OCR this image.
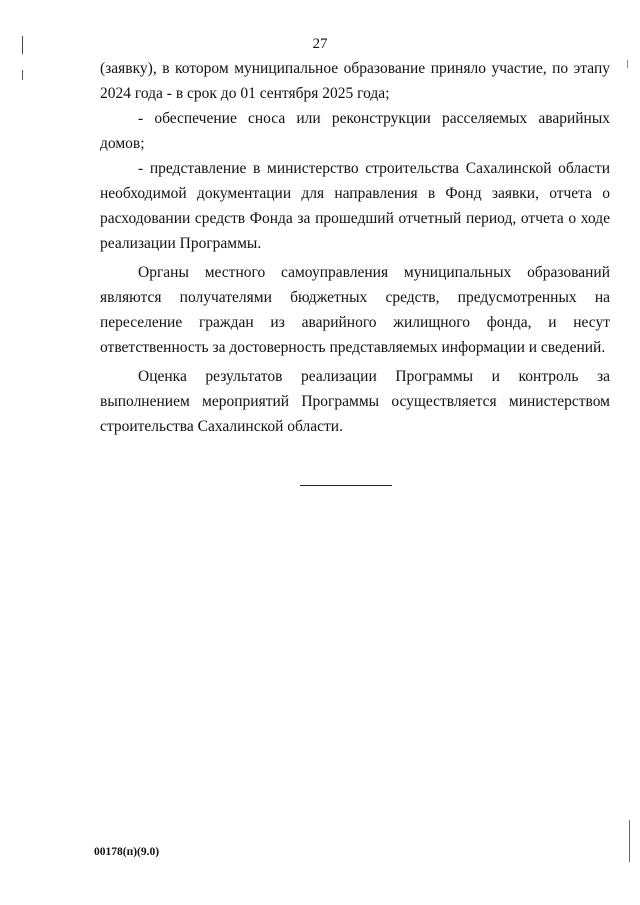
27

(заявку), в котором муниципальное образование приняло участие, по этапу 2024 года - в срок до 01 сентября 2025 года;

- обеспечение сноса или реконструкции расселяемых аварийных домов;

- представление в министерство строительства Сахалинской области необходимой документации для направления в Фонд заявки, отчета о расходовании средств Фонда за прошедший отчетный период, отчета о ходе реализации Программы.

Органы местного самоуправления муниципальных образований являются получателями бюджетных средств, предусмотренных на переселение граждан из аварийного жилищного фонда, и несут ответственность за достоверность представляемых информации и сведений.

Оценка результатов реализации Программы и контроль за выполнением мероприятий Программы осуществляется министерством строительства Сахалинской области.

00178(п)(9.0)
